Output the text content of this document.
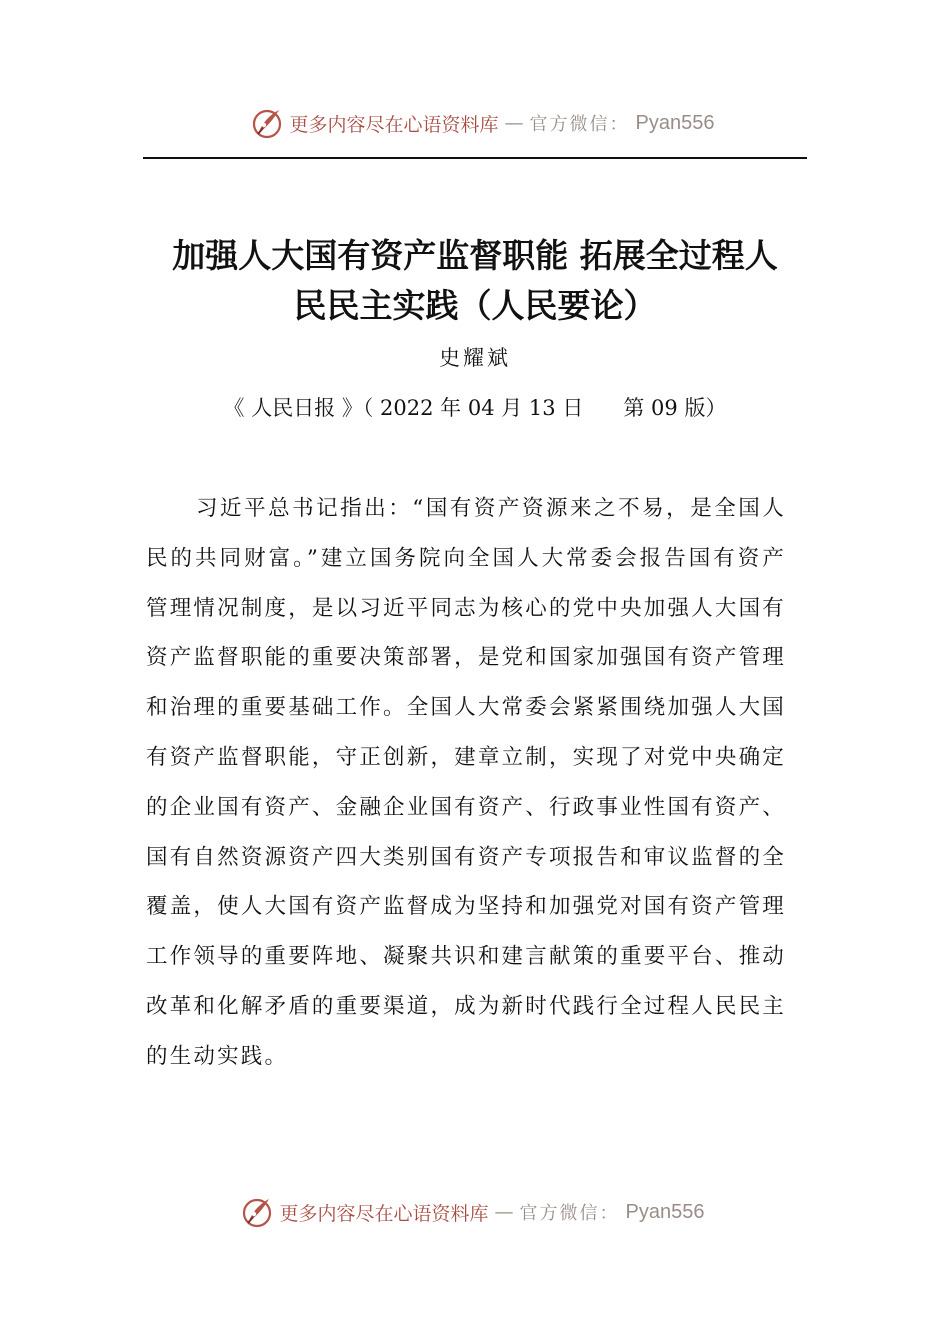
更多内容尽在心语资料库 — 官方微信： Pyan556
加强人大国有资产监督职能 拓展全过程人
民民主实践（人民要论）
史耀斌
《 人民日报 》（ 2022 年 04 月 13 日      第 09 版）

习近平总书记指出：“国有资产资源来之不易，是全国人民的共同财富。”建立国务院向全国人大常委会报告国有资产管理情况制度，是以习近平同志为核心的党中央加强人大国有资产监督职能的重要决策部署，是党和国家加强国有资产管理和治理的重要基础工作。全国人大常委会紧紧围绕加强人大国有资产监督职能，守正创新，建章立制，实现了对党中央确定的企业国有资产、金融企业国有资产、行政事业性国有资产、国有自然资源资产四大类别国有资产专项报告和审议监督的全覆盖，使人大国有资产监督成为坚持和加强党对国有资产管理工作领导的重要阵地、凝聚共识和建言献策的重要平台、推动改革和化解矛盾的重要渠道，成为新时代践行全过程人民民主的生动实践。

更多内容尽在心语资料库 — 官方微信： Pyan556
